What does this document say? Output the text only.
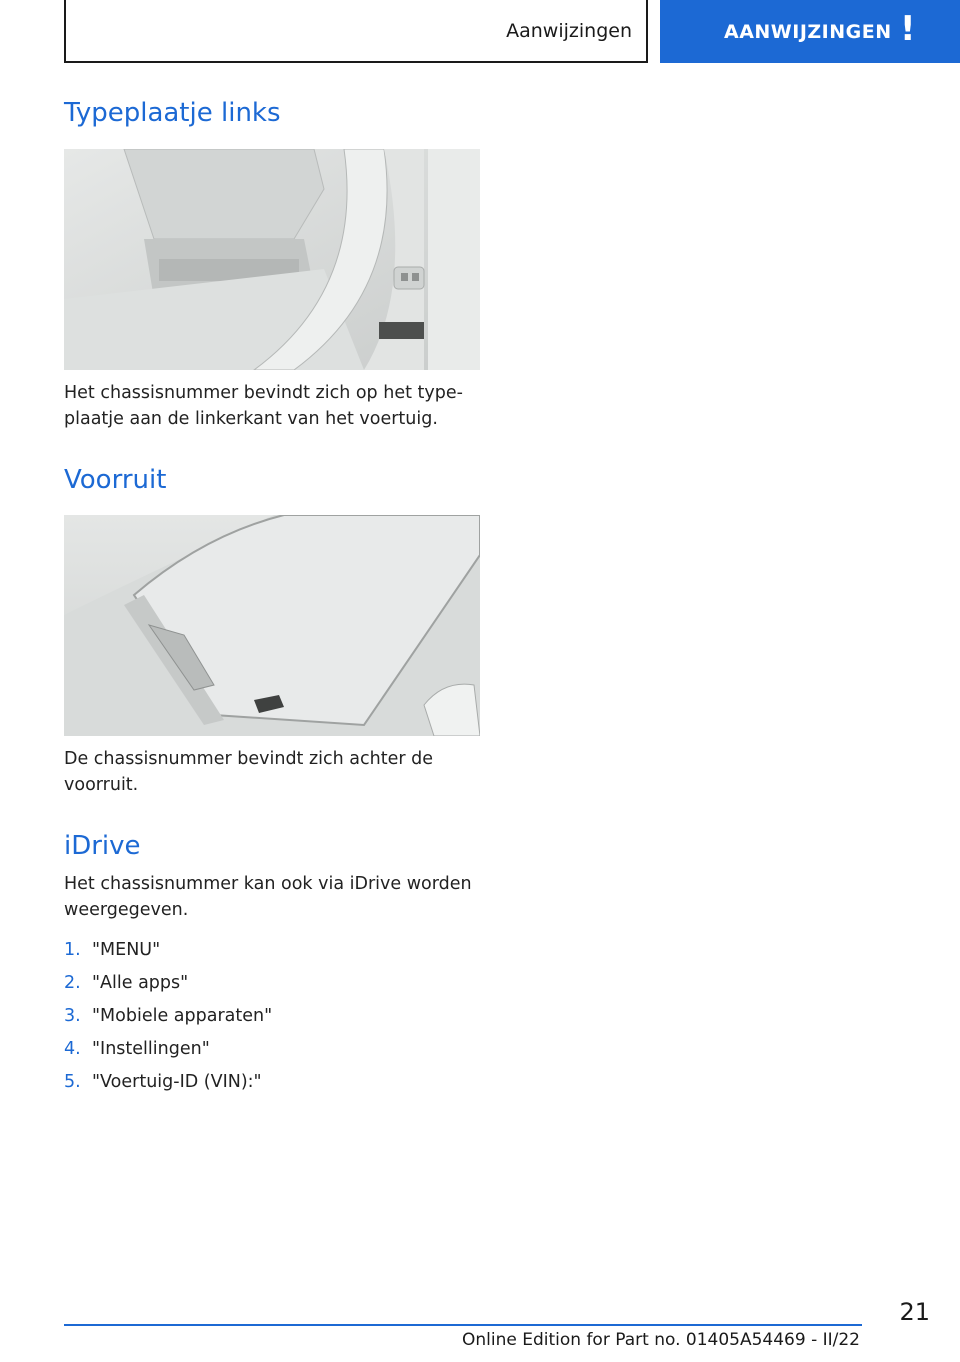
Aanwijzingen	AANWIJZINGEN !
Typeplaatje links

Het chassisnummer bevindt zich op het type-
plaatje aan de linkerkant van het voertuig.

Voorruit

De chassisnummer bevindt zich achter de
voorruit.

iDrive

Het chassisnummer kan ook via iDrive worden
weergegeven.

1. "MENU"
2. "Alle apps"
3. "Mobiele apparaten"
4. "Instellingen"
5. "Voertuig-ID (VIN):"
21
Online Edition for Part no. 01405A54469 - II/22
